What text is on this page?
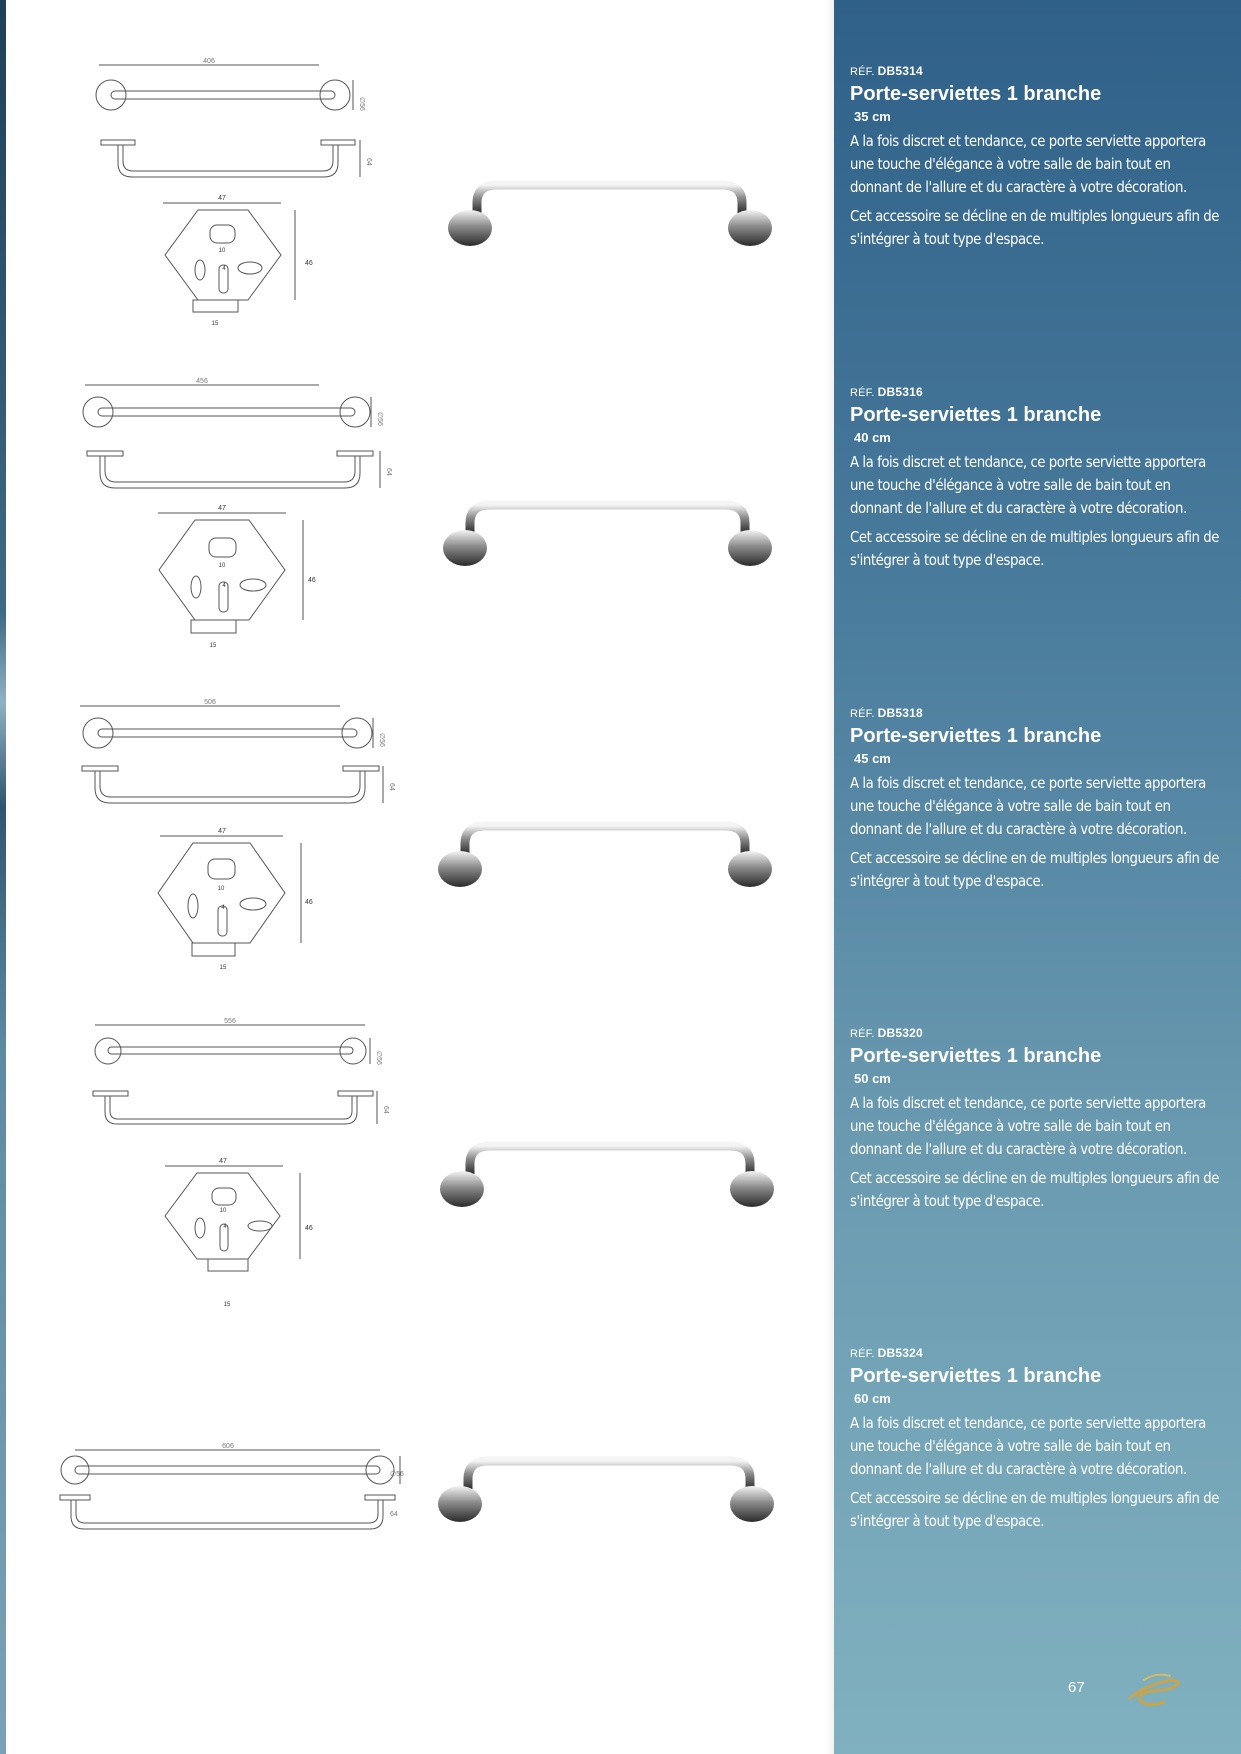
406
∅56
64
47
10
4
46
15
RÉF. DB5314
Porte-serviettes 1 branche
35 cm

A la fois discret et tendance, ce porte serviette apportera une touche d'élégance à votre salle de bain tout en donnant de l'allure et du caractère à votre décoration.

Cet accessoire se décline en de multiples longueurs afin de s'intégrer à tout type d'espace.

456
∅56
64
47
10
4
46
15
RÉF. DB5316
Porte-serviettes 1 branche
40 cm

A la fois discret et tendance, ce porte serviette apportera une touche d'élégance à votre salle de bain tout en donnant de l'allure et du caractère à votre décoration.

Cet accessoire se décline en de multiples longueurs afin de s'intégrer à tout type d'espace.

506
∅56
64
47
10
4
46
15
RÉF. DB5318
Porte-serviettes 1 branche
45 cm

A la fois discret et tendance, ce porte serviette apportera une touche d'élégance à votre salle de bain tout en donnant de l'allure et du caractère à votre décoration.

Cet accessoire se décline en de multiples longueurs afin de s'intégrer à tout type d'espace.

556
∅56
64
47
10
4	46
15
RÉF. DB5320
Porte-serviettes 1 branche
50 cm

A la fois discret et tendance, ce porte serviette apportera une touche d'élégance à votre salle de bain tout en donnant de l'allure et du caractère à votre décoration.

Cet accessoire se décline en de multiples longueurs afin de s'intégrer à tout type d'espace.

606
∅56
64
RÉF. DB5324
Porte-serviettes 1 branche
60 cm

A la fois discret et tendance, ce porte serviette apportera une touche d'élégance à votre salle de bain tout en donnant de l'allure et du caractère à votre décoration.

Cet accessoire se décline en de multiples longueurs afin de s'intégrer à tout type d'espace.

67
